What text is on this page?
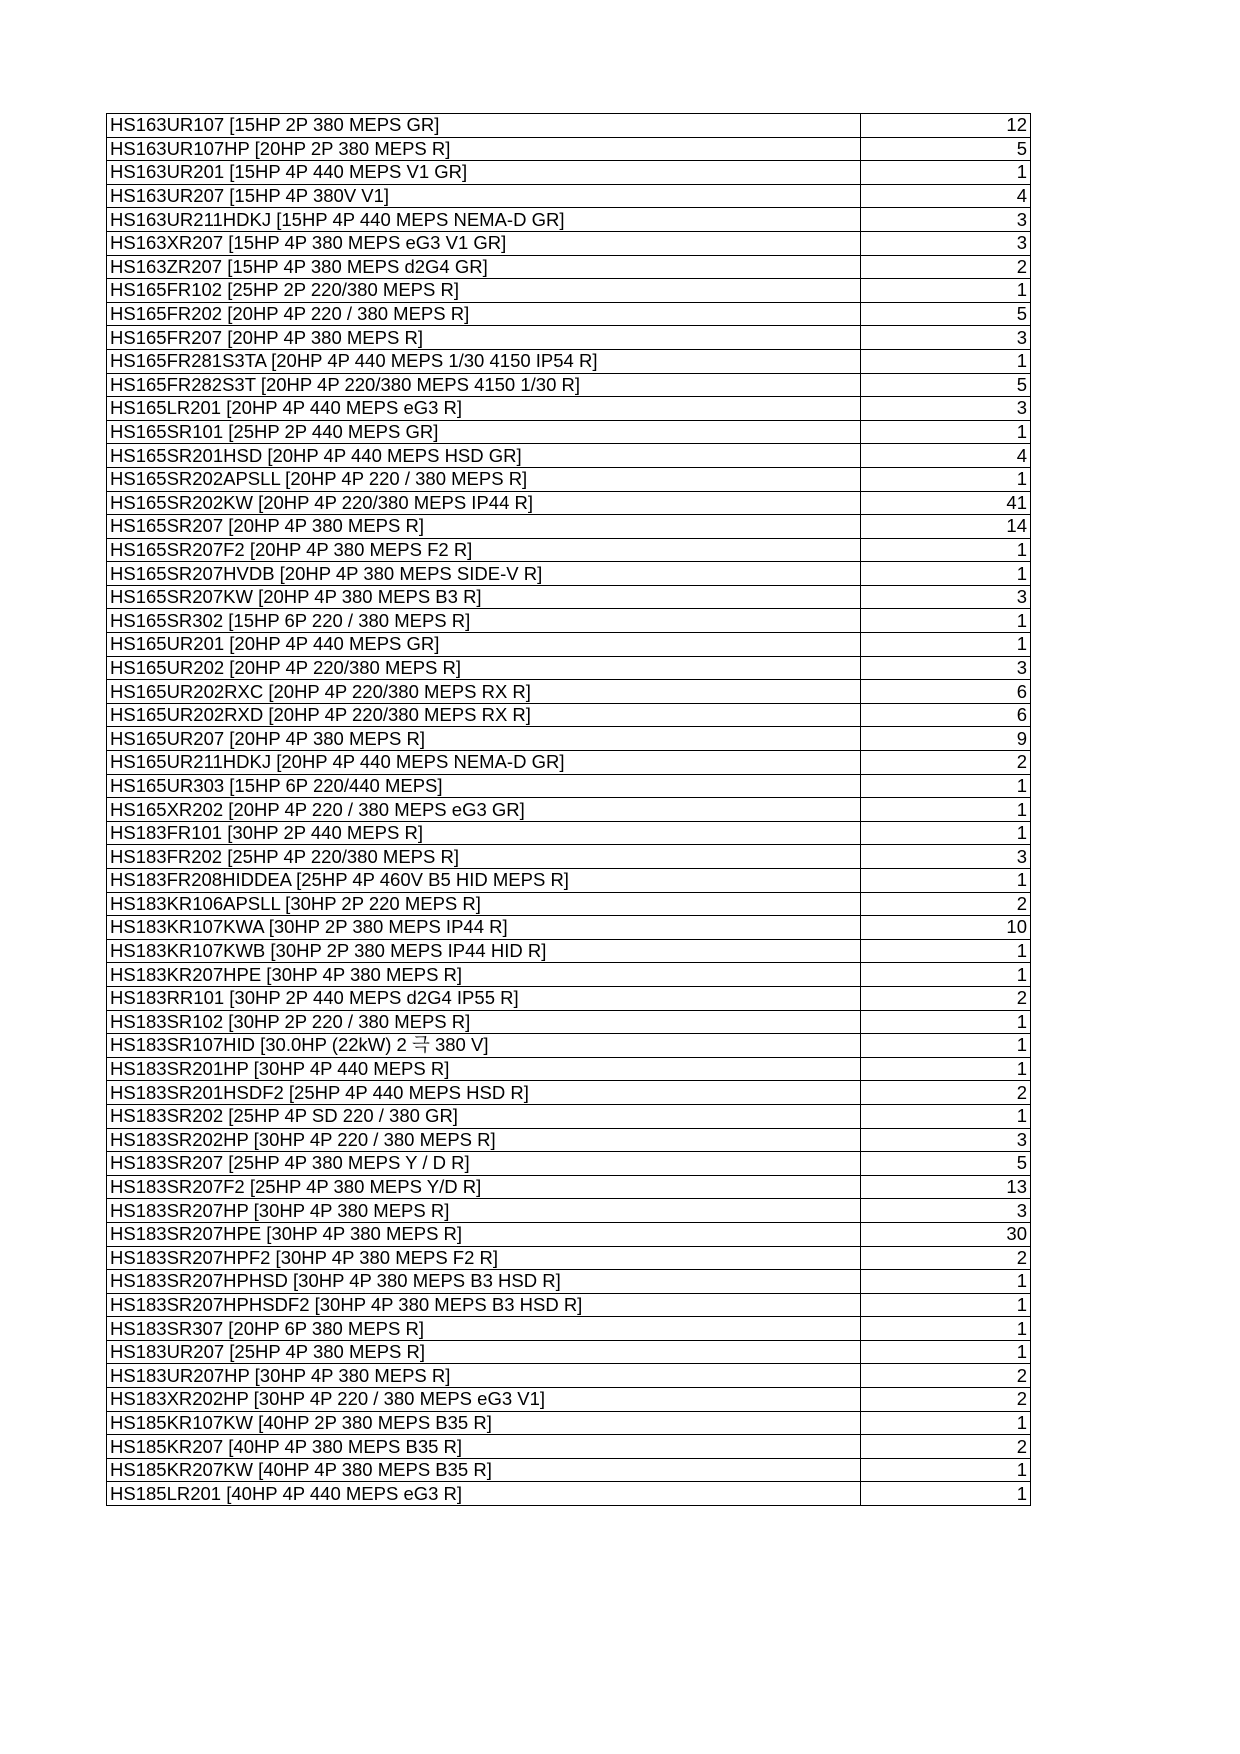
HS163UR107 [15HP 2P 380 MEPS GR]	12
HS163UR107HP [20HP 2P 380 MEPS R]	5
HS163UR201 [15HP 4P 440 MEPS V1 GR]	1
HS163UR207 [15HP 4P 380V V1]	4
HS163UR211HDKJ [15HP 4P 440 MEPS NEMA-D GR]	3
HS163XR207 [15HP 4P 380 MEPS eG3 V1 GR]	3
HS163ZR207 [15HP 4P 380 MEPS d2G4 GR]	2
HS165FR102 [25HP 2P 220/380 MEPS R]	1
HS165FR202 [20HP 4P 220 / 380 MEPS R]	5
HS165FR207 [20HP 4P 380 MEPS R]	3
HS165FR281S3TA [20HP 4P 440 MEPS 1/30 4150 IP54 R]	1
HS165FR282S3T [20HP 4P 220/380 MEPS 4150 1/30 R]	5
HS165LR201 [20HP 4P 440 MEPS eG3 R]	3
HS165SR101 [25HP 2P 440 MEPS GR]	1
HS165SR201HSD [20HP 4P 440 MEPS HSD GR]	4
HS165SR202APSLL [20HP 4P 220 / 380 MEPS R]	1
HS165SR202KW [20HP 4P 220/380 MEPS IP44 R]	41
HS165SR207 [20HP 4P 380 MEPS R]	14
HS165SR207F2 [20HP 4P 380 MEPS F2 R]	1
HS165SR207HVDB [20HP 4P 380 MEPS SIDE-V R]	1
HS165SR207KW [20HP 4P 380 MEPS B3 R]	3
HS165SR302 [15HP 6P 220 / 380 MEPS R]	1
HS165UR201 [20HP 4P 440 MEPS GR]	1
HS165UR202 [20HP 4P 220/380 MEPS R]	3
HS165UR202RXC [20HP 4P 220/380 MEPS RX R]	6
HS165UR202RXD [20HP 4P 220/380 MEPS RX R]	6
HS165UR207 [20HP 4P 380 MEPS R]	9
HS165UR211HDKJ [20HP 4P 440 MEPS NEMA-D GR]	2
HS165UR303 [15HP 6P 220/440 MEPS]	1
HS165XR202 [20HP 4P 220 / 380 MEPS eG3 GR]	1
HS183FR101 [30HP 2P 440 MEPS R]	1
HS183FR202 [25HP 4P 220/380 MEPS R]	3
HS183FR208HIDDEA [25HP 4P 460V B5 HID MEPS R]	1
HS183KR106APSLL [30HP 2P 220 MEPS R]	2
HS183KR107KWA [30HP 2P 380 MEPS IP44 R]	10
HS183KR107KWB [30HP 2P 380 MEPS IP44 HID R]	1
HS183KR207HPE [30HP 4P 380 MEPS R]	1
HS183RR101 [30HP 2P 440 MEPS d2G4 IP55 R]	2
HS183SR102 [30HP 2P 220 / 380 MEPS R]	1
HS183SR107HID [30.0HP (22kW) 2 극 380 V]	1
HS183SR201HP [30HP 4P 440 MEPS R]	1
HS183SR201HSDF2 [25HP 4P 440 MEPS HSD R]	2
HS183SR202 [25HP 4P SD 220 / 380 GR]	1
HS183SR202HP [30HP 4P 220 / 380 MEPS R]	3
HS183SR207 [25HP 4P 380 MEPS Y / D R]	5
HS183SR207F2 [25HP 4P 380 MEPS Y/D R]	13
HS183SR207HP [30HP 4P 380 MEPS R]	3
HS183SR207HPE [30HP 4P 380 MEPS R]	30
HS183SR207HPF2 [30HP 4P 380 MEPS F2 R]	2
HS183SR207HPHSD [30HP 4P 380 MEPS B3 HSD R]	1
HS183SR207HPHSDF2 [30HP 4P 380 MEPS B3 HSD R]	1
HS183SR307 [20HP 6P 380 MEPS R]	1
HS183UR207 [25HP 4P 380 MEPS R]	1
HS183UR207HP [30HP 4P 380 MEPS R]	2
HS183XR202HP [30HP 4P 220 / 380 MEPS eG3 V1]	2
HS185KR107KW [40HP 2P 380 MEPS B35 R]	1
HS185KR207 [40HP 4P 380 MEPS B35 R]	2
HS185KR207KW [40HP 4P 380 MEPS B35 R]	1
HS185LR201 [40HP 4P 440 MEPS eG3 R]	1
